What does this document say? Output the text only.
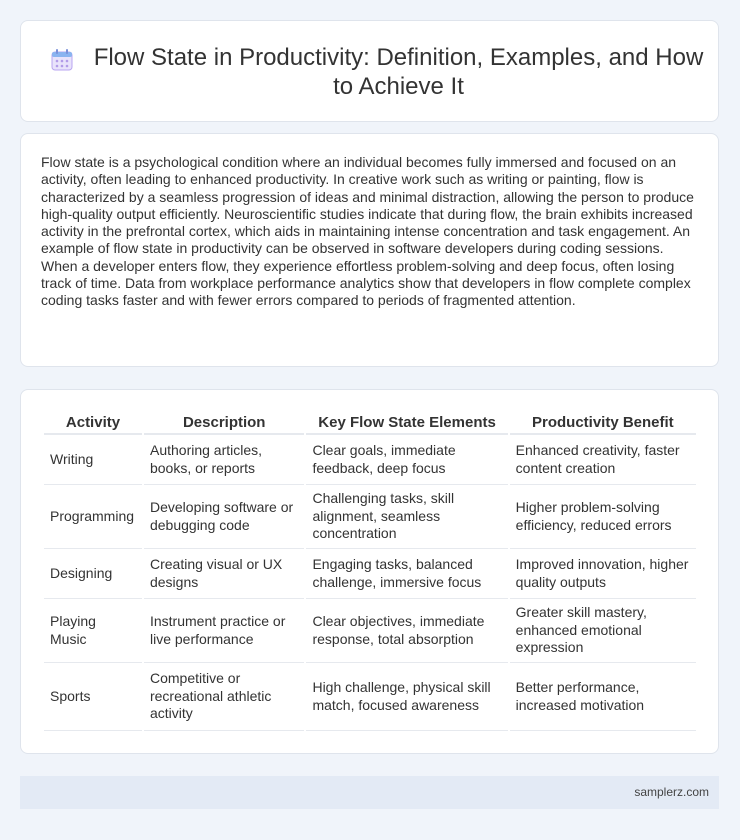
Flow State in Productivity: Definition, Examples, and How to Achieve It

Flow state is a psychological condition where an individual becomes fully immersed and focused on an activity, often leading to enhanced productivity. In creative work such as writing or painting, flow is characterized by a seamless progression of ideas and minimal distraction, allowing the person to produce high-quality output efficiently. Neuroscientific studies indicate that during flow, the brain exhibits increased activity in the prefrontal cortex, which aids in maintaining intense concentration and task engagement. An example of flow state in productivity can be observed in software developers during coding sessions. When a developer enters flow, they experience effortless problem-solving and deep focus, often losing track of time. Data from workplace performance analytics show that developers in flow complete complex coding tasks faster and with fewer errors compared to periods of fragmented attention.

Activity	Description	Key Flow State Elements	Productivity Benefit
Writing	Authoring articles, books, or reports	Clear goals, immediate feedback, deep focus	Enhanced creativity, faster content creation
Programming	Developing software or debugging code	Challenging tasks, skill alignment, seamless concentration	Higher problem-solving efficiency, reduced errors
Designing	Creating visual or UX designs	Engaging tasks, balanced challenge, immersive focus	Improved innovation, higher quality outputs
Playing Music	Instrument practice or live performance	Clear objectives, immediate response, total absorption	Greater skill mastery, enhanced emotional expression
Sports	Competitive or recreational athletic activity	High challenge, physical skill match, focused awareness	Better performance, increased motivation
samplerz.com
